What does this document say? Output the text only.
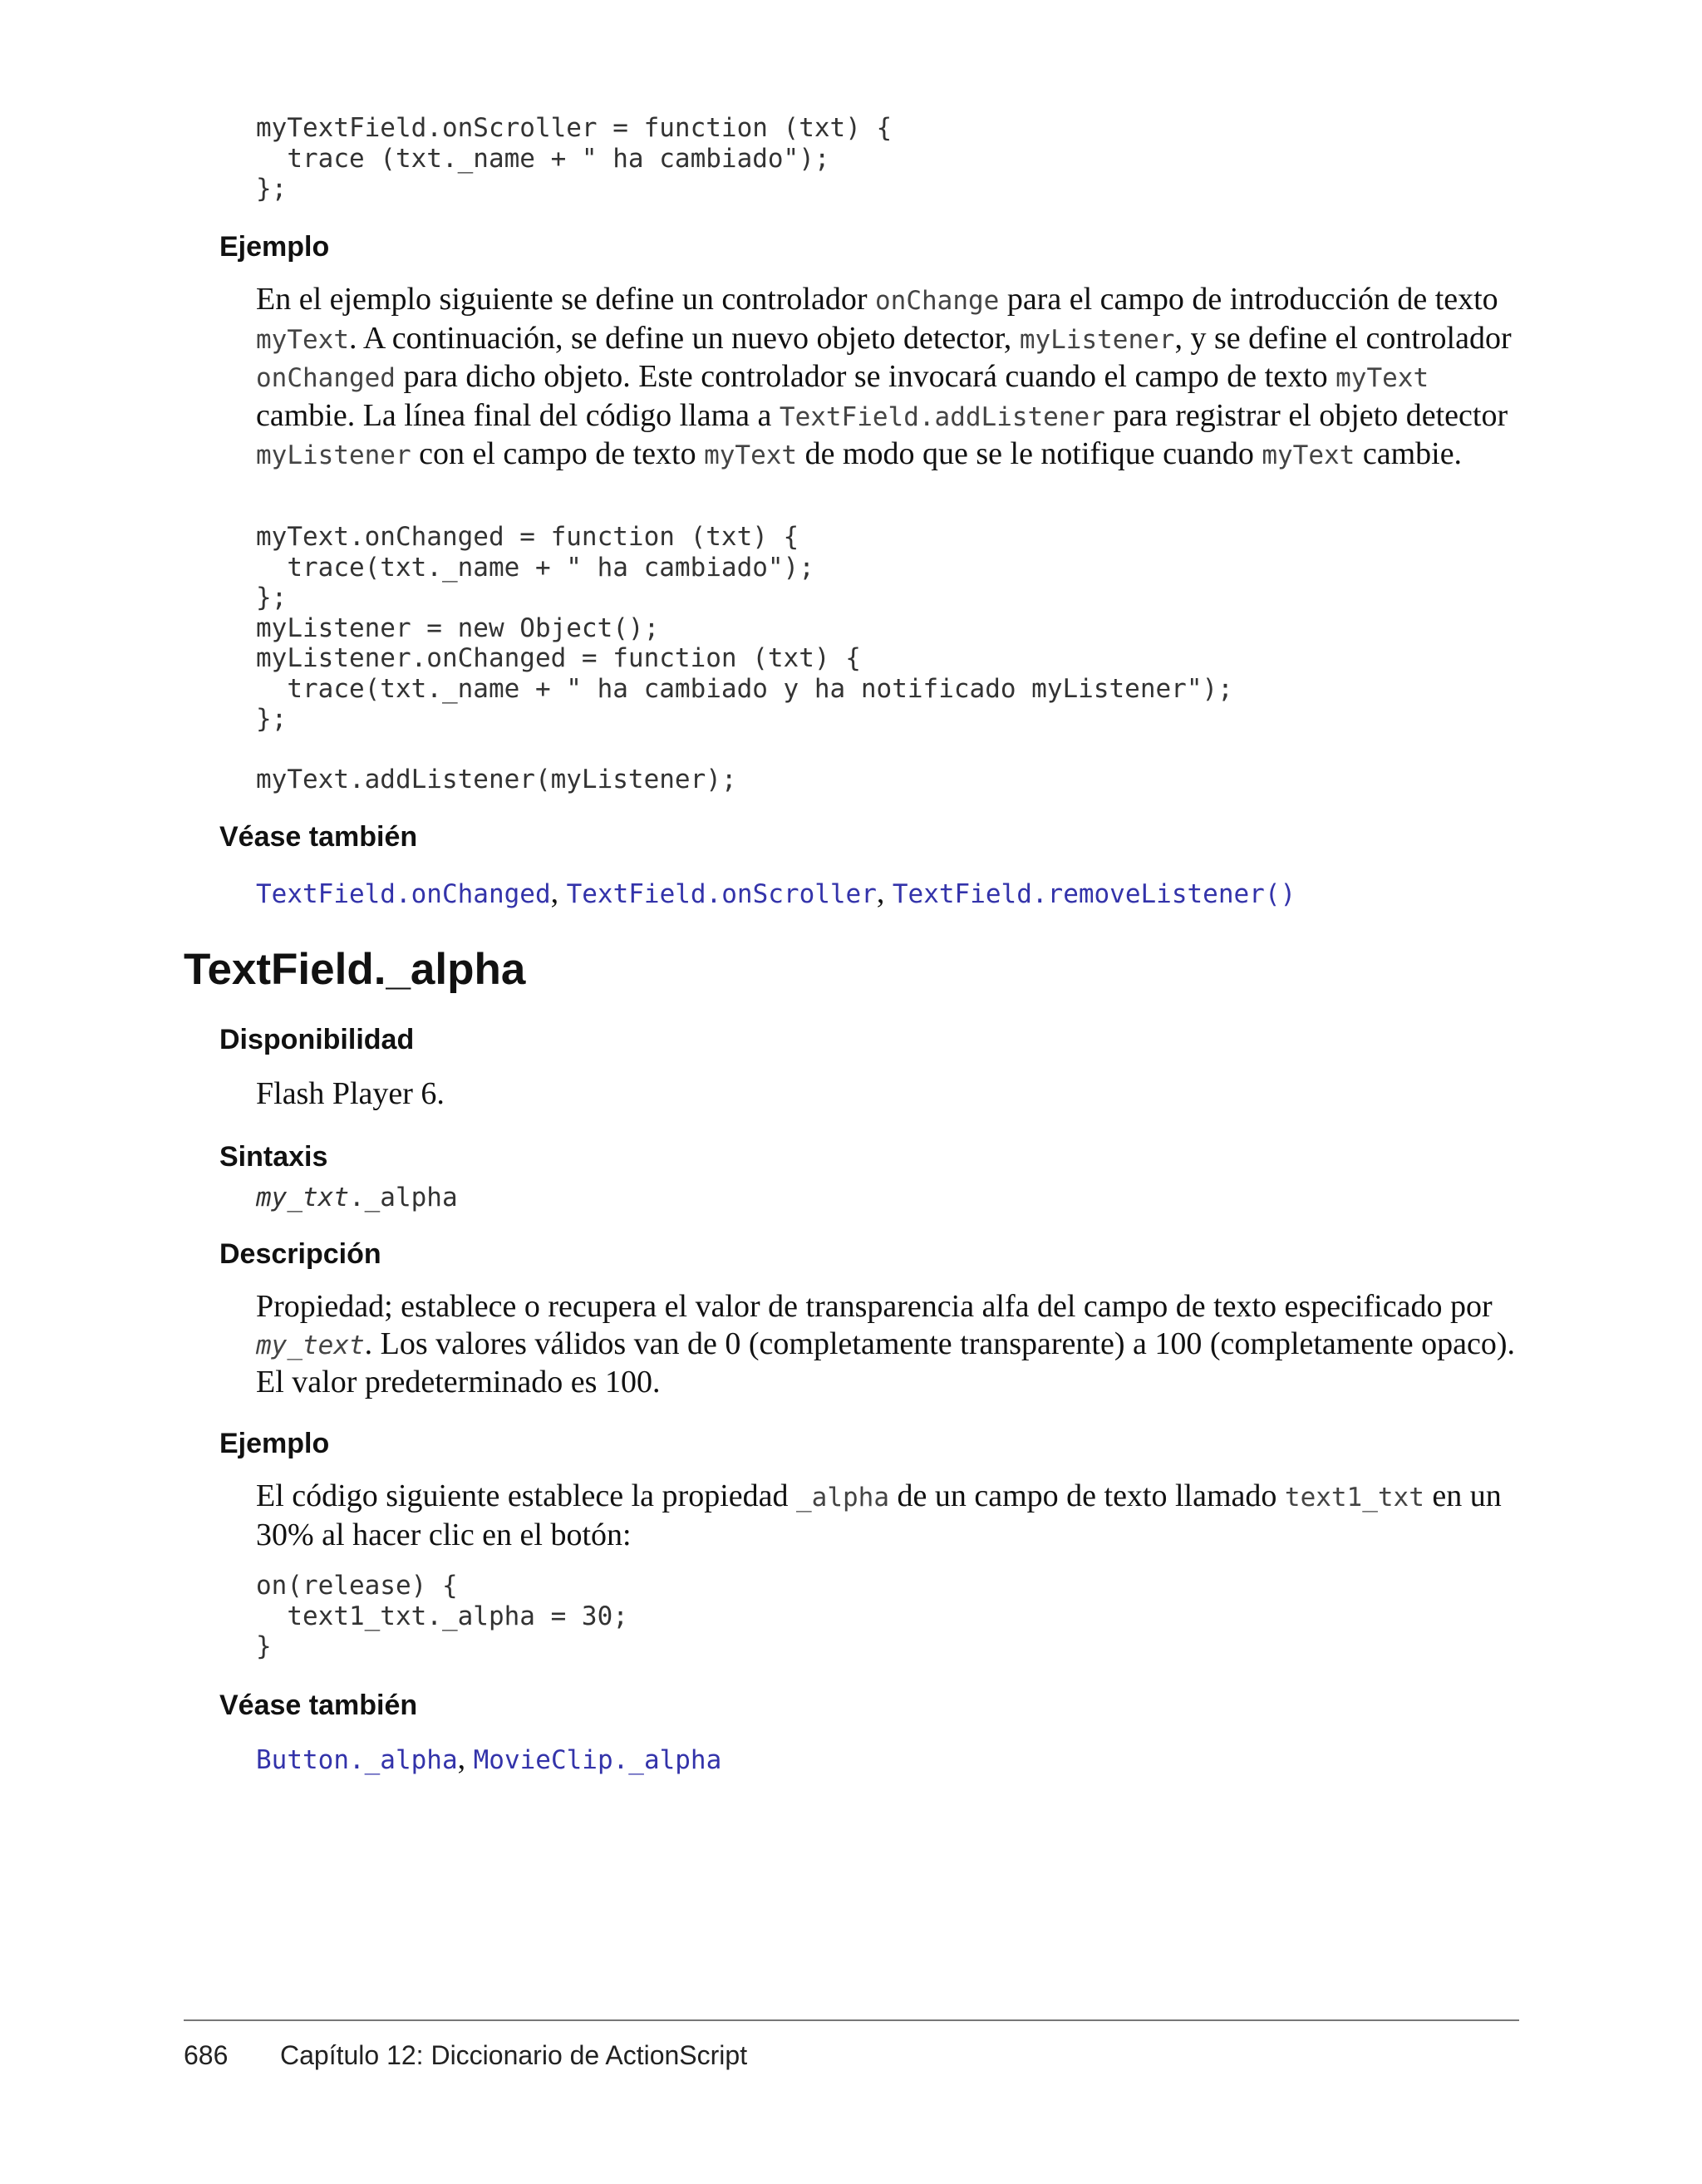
myTextField.onScroller = function (txt) {
trace (txt._name + " ha cambiado");
};
Ejemplo
En el ejemplo siguiente se define un controlador onChange para el campo de introducción de texto myText. A continuación, se define un nuevo objeto detector, myListener, y se define el controlador onChanged para dicho objeto. Este controlador se invocará cuando el campo de texto myText cambie. La línea final del código llama a TextField.addListener para registrar el objeto detector myListener con el campo de texto myText de modo que se le notifique cuando myText cambie.
myText.onChanged = function (txt) {
trace(txt._name + " ha cambiado");
};
myListener = new Object();
myListener.onChanged = function (txt) {
trace(txt._name + " ha cambiado y ha notificado myListener");
};

myText.addListener(myListener);
Véase también
TextField.onChanged, TextField.onScroller, TextField.removeListener()
TextField._alpha
Disponibilidad
Flash Player 6.
Sintaxis
my_txt._alpha
Descripción
Propiedad; establece o recupera el valor de transparencia alfa del campo de texto especificado por my_text. Los valores válidos van de 0 (completamente transparente) a 100 (completamente opaco). El valor predeterminado es 100.
Ejemplo
El código siguiente establece la propiedad _alpha de un campo de texto llamado text1_txt en un 30% al hacer clic en el botón:
on(release) {
text1_txt._alpha = 30;
}
Véase también
Button._alpha, MovieClip._alpha
686 Capítulo 12: Diccionario de ActionScript
